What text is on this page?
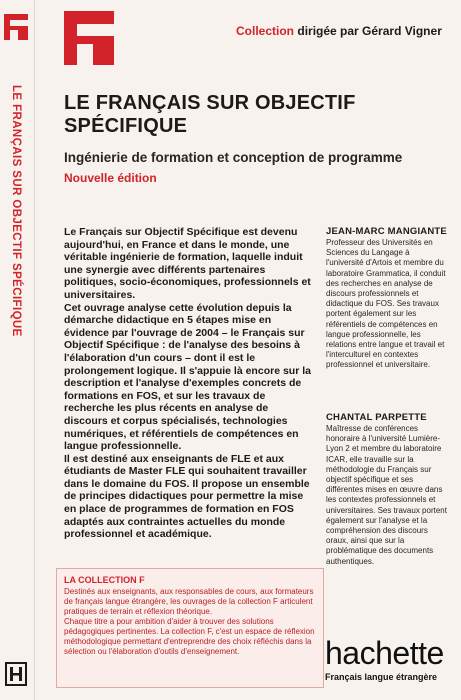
LE FRANÇAIS SUR OBJECTIF SPÉCIFIQUE
Collection dirigée par Gérard Vigner
LE FRANÇAIS SUR OBJECTIF
SPÉCIFIQUE
Ingénierie de formation et conception de programme
Nouvelle édition

Le Français sur Objectif Spécifique est devenu aujourd'hui, en France et dans le monde, une véritable ingénierie de formation, laquelle induit une synergie avec différents partenaires politiques, socio-économiques, professionnels et universitaires.

Cet ouvrage analyse cette évolution depuis la démarche didactique en 5 étapes mise en évidence par l'ouvrage de 2004 – le Français sur Objectif Spécifique : de l'analyse des besoins à l'élaboration d'un cours – dont il est le prolongement logique. Il s'appuie là encore sur la description et l'analyse d'exemples concrets de formations en FOS, et sur les travaux de recherche les plus récents en analyse de discours et corpus spécialisés, technologies numériques, et référentiels de compétences en langue professionnelle.

Il est destiné aux enseignants de FLE et aux étudiants de Master FLE qui souhaitent travailler dans le domaine du FOS. Il propose un ensemble de principes didactiques pour permettre la mise en place de programmes de formation en FOS adaptés aux contraintes actuelles du monde professionnel et académique.

JEAN-MARC MANGIANTE

Professeur des Universités en Sciences du Langage à l'université d'Artois et membre du laboratoire Grammatica, il conduit des recherches en analyse de discours professionnels et didactique du FOS. Ses travaux portent également sur les référentiels de compétences en langue professionnelle, les relations entre langue et travail et l'interculturel en contextes professionnel et universitaire.

CHANTAL PARPETTE

Maîtresse de conférences honoraire à l'université Lumière-Lyon 2 et membre du laboratoire ICAR, elle travaille sur la méthodologie du Français sur objectif spécifique et ses différentes mises en œuvre dans les contextes professionnels et universitaires. Ses travaux portent également sur l'analyse et la compréhension des discours oraux, ainsi que sur la problématique des documents authentiques.

LA COLLECTION F

Destinés aux enseignants, aux responsables de cours, aux formateurs de français langue étrangère, les ouvrages de la collection F articulent pratiques de terrain et réflexion théorique.

Chaque titre a pour ambition d'aider à trouver des solutions pédagogiques pertinentes. La collection F, c'est un espace de réflexion méthodologique permettant d'entreprendre des choix réfléchis dans la sélection ou l'élaboration d'outils d'enseignement.	hachette
Français langue étrangère
